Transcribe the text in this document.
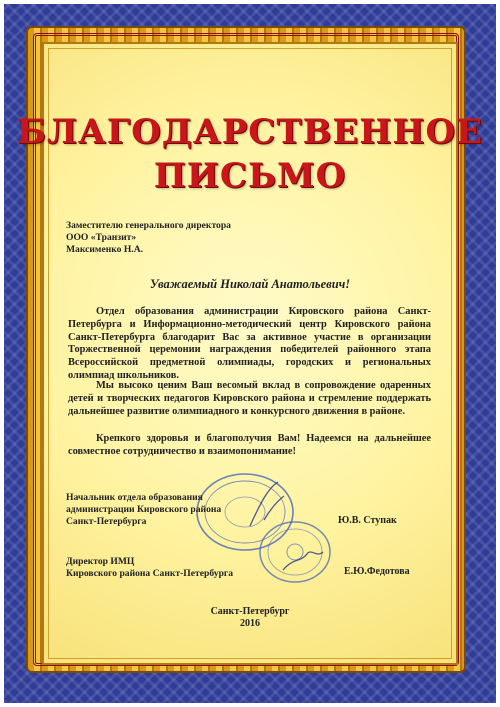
БЛАГОДАРСТВЕННОЕ
ПИСЬМО
Заместителю генерального директора
ООО «Транзит»
Максименко Н.А.
Уважаемый Николай Анатольевич!

Отдел образования администрации Кировского района Санкт-Петербурга и Информационно-методический центр Кировского района Санкт-Петербурга благодарит Вас за активное участие в организации Торжественной церемонии награждения победителей районного этапа Всероссийской предметной олимпиады, городских и региональных олимпиад школьников.

Мы высоко ценим Ваш весомый вклад в сопровождение одаренных детей и творческих педагогов Кировского района и стремление поддержать дальнейшее развитие олимпиадного и конкурсного движения в районе.

Крепкого здоровья и благополучия Вам! Надеемся на дальнейшее совместное сотрудничество и взаимопонимание!

Начальник отдела образования
администрации Кировского района
Санкт-Петербурга	Ю.В. Ступак
Директор ИМЦ
Кировского района Санкт-Петербурга	Е.Ю.Федотова
Санкт-Петербург
2016
